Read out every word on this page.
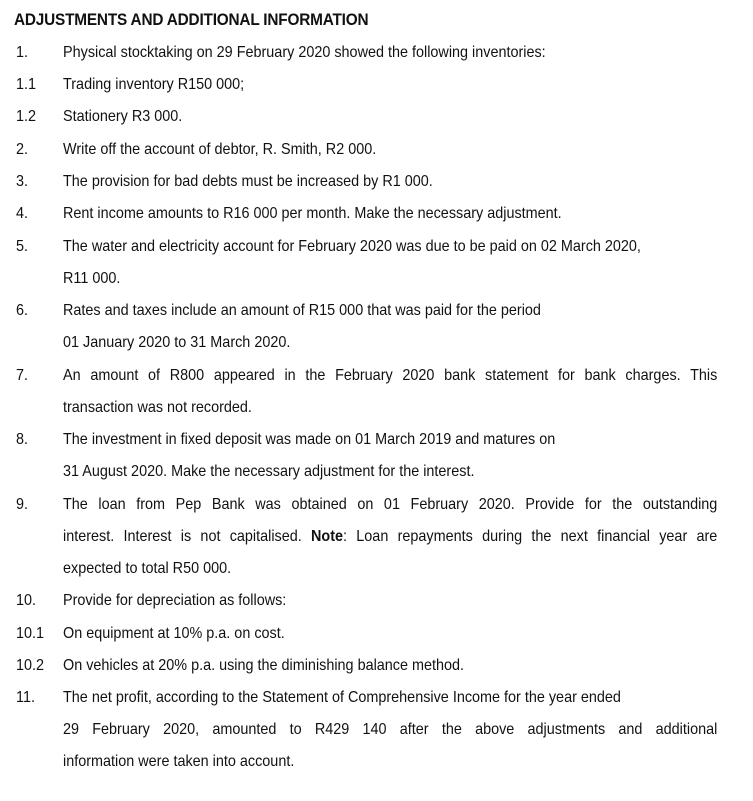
ADJUSTMENTS AND ADDITIONAL INFORMATION
1. Physical stocktaking on 29 February 2020 showed the following inventories:
1.1 Trading inventory R150 000;
1.2 Stationery R3 000.
2. Write off the account of debtor, R. Smith, R2 000.
3. The provision for bad debts must be increased by R1 000.
4. Rent income amounts to R16 000 per month. Make the necessary adjustment.
5. The water and electricity account for February 2020 was due to be paid on 02 March 2020,
R11 000.
6. Rates and taxes include an amount of R15 000 that was paid for the period
01 January 2020 to 31 March 2020.
7. An amount of R800 appeared in the February 2020 bank statement for bank charges. This
transaction was not recorded.
8. The investment in fixed deposit was made on 01 March 2019 and matures on
31 August 2020. Make the necessary adjustment for the interest.
9. The loan from Pep Bank was obtained on 01 February 2020. Provide for the outstanding
interest. Interest is not capitalised. Note: Loan repayments during the next financial year are
expected to total R50 000.
10. Provide for depreciation as follows:
10.1 On equipment at 10% p.a. on cost.
10.2 On vehicles at 20% p.a. using the diminishing balance method.
11. The net profit, according to the Statement of Comprehensive Income for the year ended
29 February 2020, amounted to R429 140 after the above adjustments and additional
information were taken into account.
